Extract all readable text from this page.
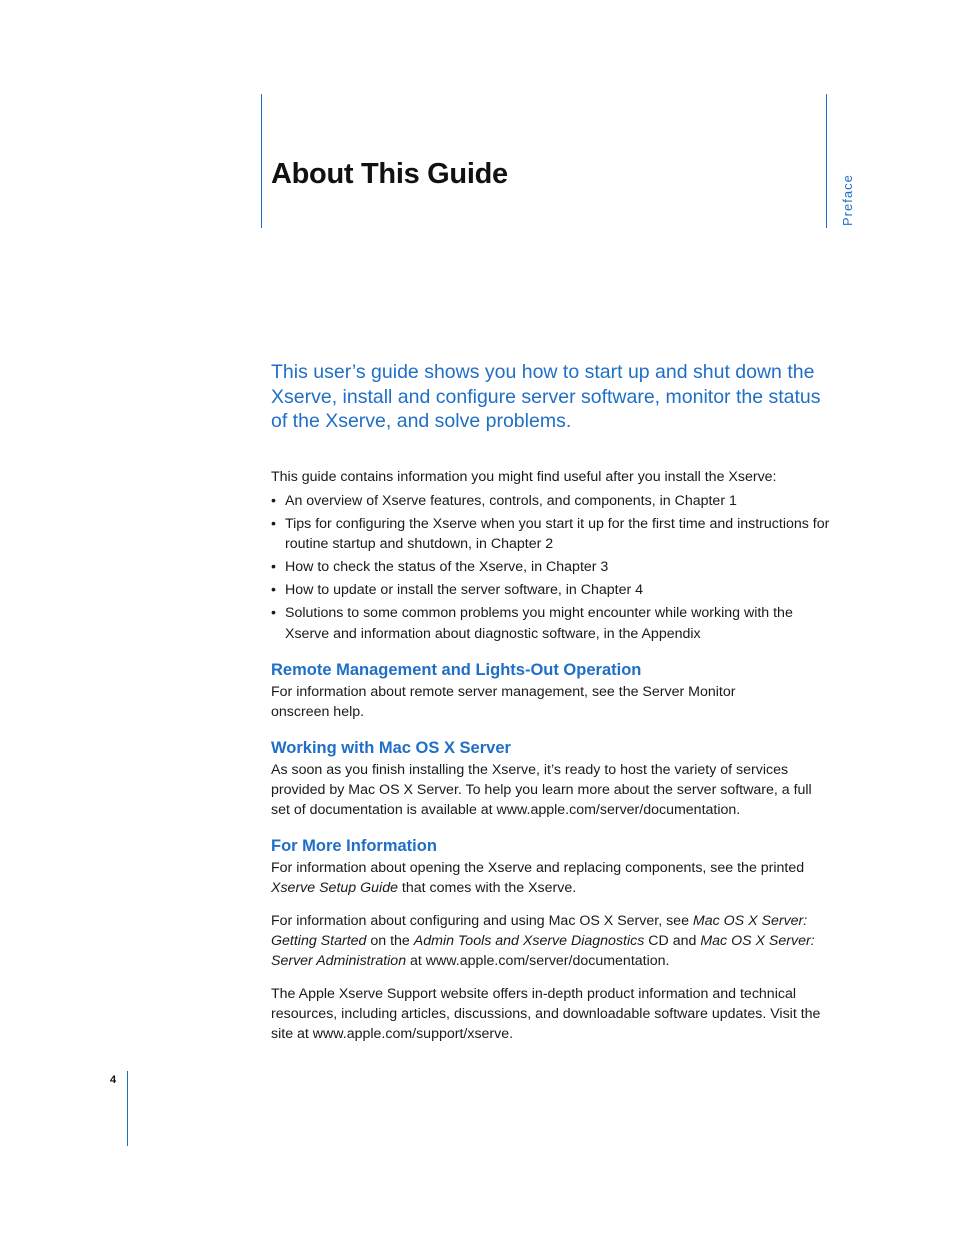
About This Guide
Preface
4

This user’s guide shows you how to start up and shut down the Xserve, install and configure server software, monitor the status of the Xserve, and solve problems.

This guide contains information you might find useful after you install the Xserve:

• An overview of Xserve features, controls, and components, in Chapter 1
• Tips for configuring the Xserve when you start it up for the first time and instructions for routine startup and shutdown, in Chapter 2
• How to check the status of the Xserve, in Chapter 3
• How to update or install the server software, in Chapter 4
• Solutions to some common problems you might encounter while working with the Xserve and information about diagnostic software, in the Appendix
Remote Management and Lights-Out Operation

For information about remote server management, see the Server Monitor onscreen help.

Working with Mac OS X Server

As soon as you finish installing the Xserve, it’s ready to host the variety of services provided by Mac OS X Server. To help you learn more about the server software, a full set of documentation is available at www.apple.com/server/documentation.

For More Information

For information about opening the Xserve and replacing components, see the printed Xserve Setup Guide that comes with the Xserve.

For information about configuring and using Mac OS X Server, see Mac OS X Server: Getting Started on the Admin Tools and Xserve Diagnostics CD and Mac OS X Server: Server Administration at www.apple.com/server/documentation.

The Apple Xserve Support website offers in-depth product information and technical resources, including articles, discussions, and downloadable software updates. Visit the site at www.apple.com/support/xserve.
